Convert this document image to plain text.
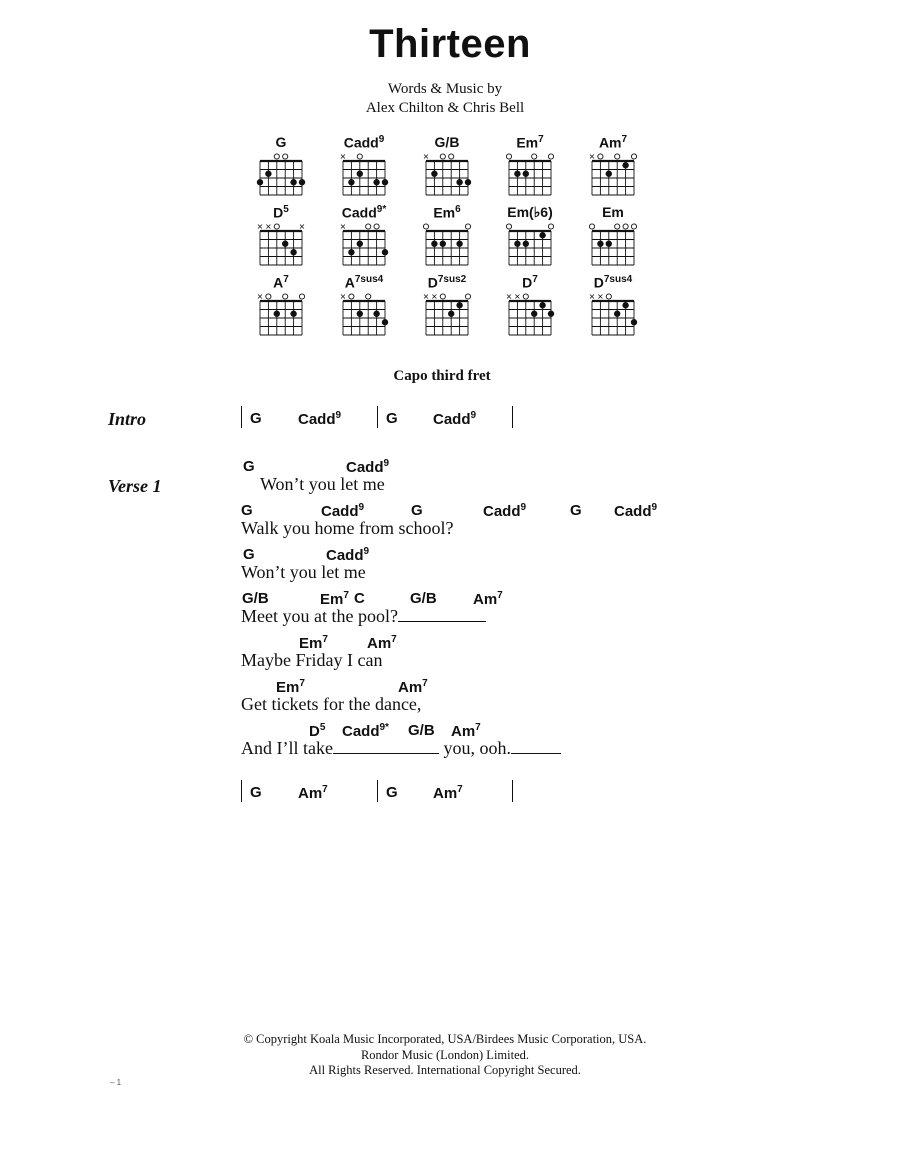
Thirteen
Words & Music by
Alex Chilton & Chris Bell
G	Cadd$^9$
×
G/B
×
$Em^7$	$Am^7$
×
$D^5$
× ×	×
Cadd$^{9*}$
×
$Em^6$	Em(♭6)	Em
$A^7$
×
$A^{7sus4}$
×
$D^{7sus2}$
× ×
$D^7$
× ×
$D^{7sus4}$
× ×
Capo third fret
Intro	G Cadd$^9$	G Cadd$^9$
Verse 1
G	Cadd$^9$
Won’t you let me
G	Cadd$^9$	G	Cadd$^9$	G Cadd$^9$
Walk you home from school?
G	Cadd$^9$
Won’t you let me
G/B	Em$^7$ C	G/B Am$^7$
Meet you at the pool?
Em$^7$	Am$^7$
Maybe Friday I can
Em$^7$	Am$^7$
Get tickets for the dance,
$D^5$ Cadd$^{9*}$ G/B Am$^7$
And I’ll take	you, ooh.
G Am$^7$	G Am$^7$
© Copyright Koala Music Incorporated, USA/Birdees Music Corporation, USA.
Rondor Music (London) Limited.
All Rights Reserved. International Copyright Secured.
– 1
